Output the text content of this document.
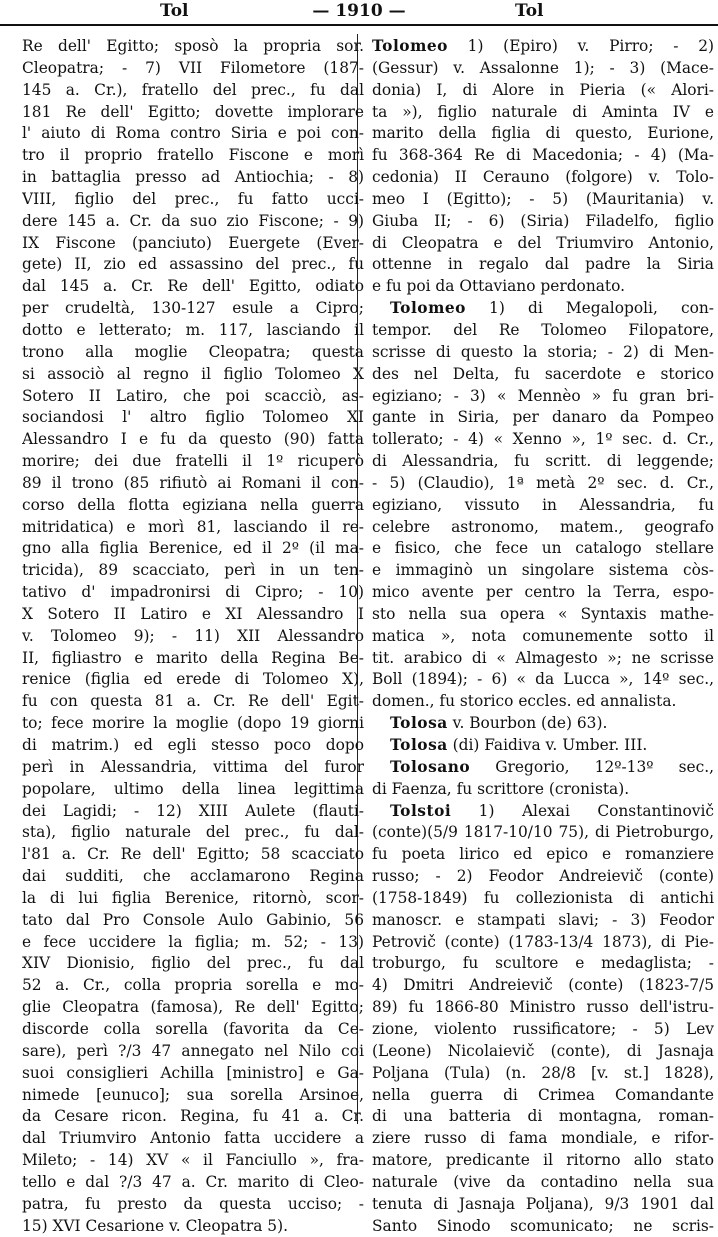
Tol	— 1910 —	Tol
Re dell' Egitto; sposò la propria sor.
Cleopatra; - 7) VII Filometore (187-
145 a. Cr.), fratello del prec., fu dal
181 Re dell' Egitto; dovette implorare
l' aiuto di Roma contro Siria e poi con-
tro il proprio fratello Fiscone e morì
in battaglia presso ad Antiochia; - 8)
VIII, figlio del prec., fu fatto ucci-
dere 145 a. Cr. da suo zio Fiscone; - 9)
IX Fiscone (panciuto) Euergete (Ever-
gete) II, zio ed assassino del prec., fu
dal 145 a. Cr. Re dell' Egitto, odiato
per crudeltà, 130-127 esule a Cipro;
dotto e letterato; m. 117, lasciando il
trono alla moglie Cleopatra; questa
si associò al regno il figlio Tolomeo X
Sotero II Latiro, che poi scacciò, as-
sociandosi l' altro figlio Tolomeo XI
Alessandro I e fu da questo (90) fatta
morire; dei due fratelli il 1º ricuperò
89 il trono (85 rifiutò ai Romani il con-
corso della flotta egiziana nella guerra
mitridatica) e morì 81, lasciando il re-
gno alla figlia Berenice, ed il 2º (il ma-
tricida), 89 scacciato, perì in un ten-
tativo d' impadronirsi di Cipro; - 10)
X Sotero II Latiro e XI Alessandro I
v. Tolomeo 9); - 11) XII Alessandro
II, figliastro e marito della Regina Be-
renice (figlia ed erede di Tolomeo X),
fu con questa 81 a. Cr. Re dell' Egit-
to; fece morire la moglie (dopo 19 giorni
di matrim.) ed egli stesso poco dopo
perì in Alessandria, vittima del furor
popolare, ultimo della linea legittima
dei Lagidi; - 12) XIII Aulete (flauti-
sta), figlio naturale del prec., fu dal-
l'81 a. Cr. Re dell' Egitto; 58 scacciato
dai sudditi, che acclamarono Regina
la di lui figlia Berenice, ritornò, scor-
tato dal Pro Console Aulo Gabinio, 56
e fece uccidere la figlia; m. 52; - 13)
XIV Dionisio, figlio del prec., fu dal
52 a. Cr., colla propria sorella e mo-
glie Cleopatra (famosa), Re dell' Egitto;
discorde colla sorella (favorita da Ce-
sare), perì ?/3 47 annegato nel Nilo coi
suoi consiglieri Achilla [ministro] e Ga-
nimede [eunuco]; sua sorella Arsinoe,
da Cesare ricon. Regina, fu 41 a. Cr.
dal Triumviro Antonio fatta uccidere a
Mileto; - 14) XV « il Fanciullo », fra-
tello e dal ?/3 47 a. Cr. marito di Cleo-
patra, fu presto da questa ucciso; -
15) XVI Cesarione v. Cleopatra 5).
Tolomeo 1) (Epiro) v. Pirro; - 2)
(Gessur) v. Assalonne 1); - 3) (Mace-
donia) I, di Alore in Pieria (« Alori-
ta »), figlio naturale di Aminta IV e
marito della figlia di questo, Eurione,
fu 368-364 Re di Macedonia; - 4) (Ma-
cedonia) II Cerauno (folgore) v. Tolo-
meo I (Egitto); - 5) (Mauritania) v.
Giuba II; - 6) (Siria) Filadelfo, figlio
di Cleopatra e del Triumviro Antonio,
ottenne in regalo dal padre la Siria
e fu poi da Ottaviano perdonato.
Tolomeo 1) di Megalopoli, con-
tempor. del Re Tolomeo Filopatore,
scrisse di questo la storia; - 2) di Men-
des nel Delta, fu sacerdote e storico
egiziano; - 3) « Mennèo » fu gran bri-
gante in Siria, per danaro da Pompeo
tollerato; - 4) « Xenno », 1º sec. d. Cr.,
di Alessandria, fu scritt. di leggende;
- 5) (Claudio), 1ª metà 2º sec. d. Cr.,
egiziano, vissuto in Alessandria, fu
celebre astronomo, matem., geografo
e fisico, che fece un catalogo stellare
e immaginò un singolare sistema còs-
mico avente per centro la Terra, espo-
sto nella sua opera « Syntaxis mathe-
matica », nota comunemente sotto il
tit. arabico di « Almagesto »; ne scrisse
Boll (1894); - 6) « da Lucca », 14º sec.,
domen., fu storico eccles. ed annalista.
Tolosa v. Bourbon (de) 63).
Tolosa (di) Faidiva v. Umber. III.
Tolosano Gregorio, 12º-13º sec.,
di Faenza, fu scrittore (cronista).
Tolstoi 1) Alexai Constantinovič
(conte)(5/9 1817-10/10 75), di Pietroburgo,
fu poeta lirico ed epico e romanziere
russo; - 2) Feodor Andreievič (conte)
(1758-1849) fu collezionista di antichi
manoscr. e stampati slavi; - 3) Feodor
Petrovič (conte) (1783-13/4 1873), di Pie-
troburgo, fu scultore e medaglista; -
4) Dmitri Andreievič (conte) (1823-7/5
89) fu 1866-80 Ministro russo dell'istru-
zione, violento russificatore; - 5) Lev
(Leone) Nicolaievič (conte), di Jasnaja
Poljana (Tula) (n. 28/8 [v. st.] 1828),
nella guerra di Crimea Comandante
di una batteria di montagna, roman-
ziere russo di fama mondiale, e rifor-
matore, predicante il ritorno allo stato
naturale (vive da contadino nella sua
tenuta di Jasnaja Poljana), 9/3 1901 dal
Santo Sinodo scomunicato; ne scris-
